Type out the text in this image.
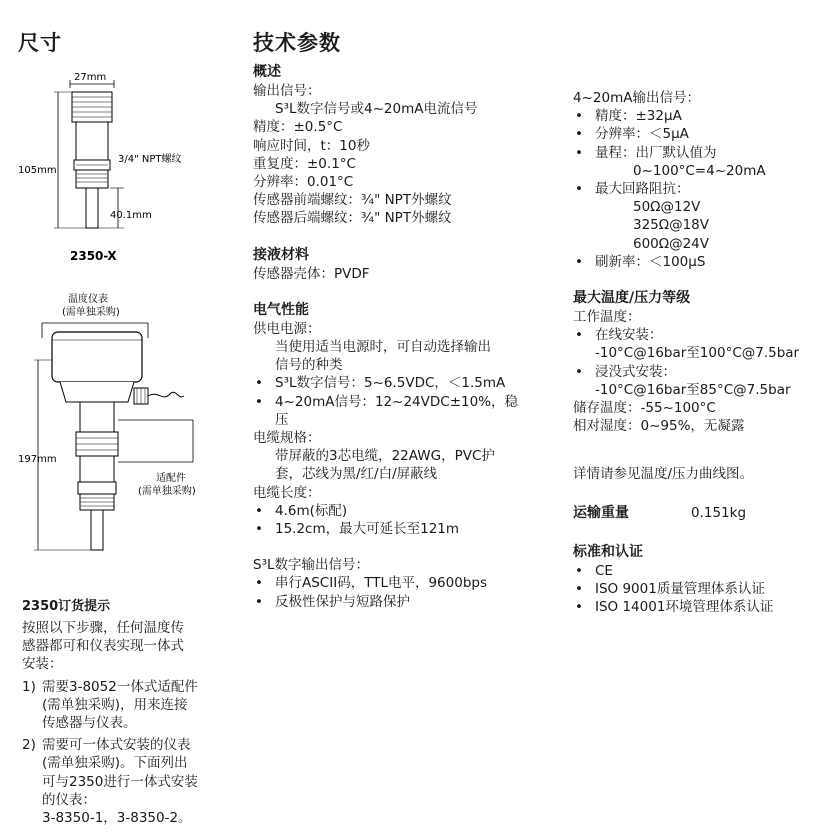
尺寸
27mm
105mm
3/4" NPT螺纹
40.1mm
2350-X
温度仪表
(需单独采购)
197mm
适配件
(需单独采购)
2350订货提示
按照以下步骤，任何温度传
感器都可和仪表实现一体式
安装：
1) 需要3-8052一体式适配件
(需单独采购)，用来连接
传感器与仪表。
2) 需要可一体式安装的仪表
(需单独采购)。下面列出
可与2350进行一体式安装
的仪表：
3-8350-1，3-8350-2。
技术参数
概述
输出信号：
S³L数字信号或4~20mA电流信号
精度：±0.5°C
响应时间，t：10秒
重复度：±0.1°C
分辨率：0.01°C
传感器前端螺纹：¾" NPT外螺纹
传感器后端螺纹：¾" NPT外螺纹
接液材料
传感器壳体：PVDF
电气性能
供电电源：
当使用适当电源时，可自动选择输出
信号的种类
• S³L数字信号：5~6.5VDC，＜1.5mA
• 4~20mA信号：12~24VDC±10%，稳
压
电缆规格：
带屏蔽的3芯电缆，22AWG，PVC护
套，芯线为黑/红/白/屏蔽线
电缆长度：
• 4.6m(标配)
• 15.2cm，最大可延长至121m
S³L数字输出信号：
• 串行ASCII码，TTL电平，9600bps
• 反极性保护与短路保护
4~20mA输出信号：
• 精度：±32µA
• 分辨率：＜5µA
• 量程：出厂默认值为
0~100°C=4~20mA
• 最大回路阻抗：
50Ω@12V
325Ω@18V
600Ω@24V
• 刷新率：＜100µS
最大温度/压力等级
工作温度：
• 在线安装：
-10°C@16bar至100°C@7.5bar
• 浸没式安装：
-10°C@16bar至85°C@7.5bar
储存温度：-55~100°C
相对湿度：0~95%，无凝露
详情请参见温度/压力曲线图。
运输重量	0.151kg
标准和认证
• CE
• ISO 9001质量管理体系认证
• ISO 14001环境管理体系认证
